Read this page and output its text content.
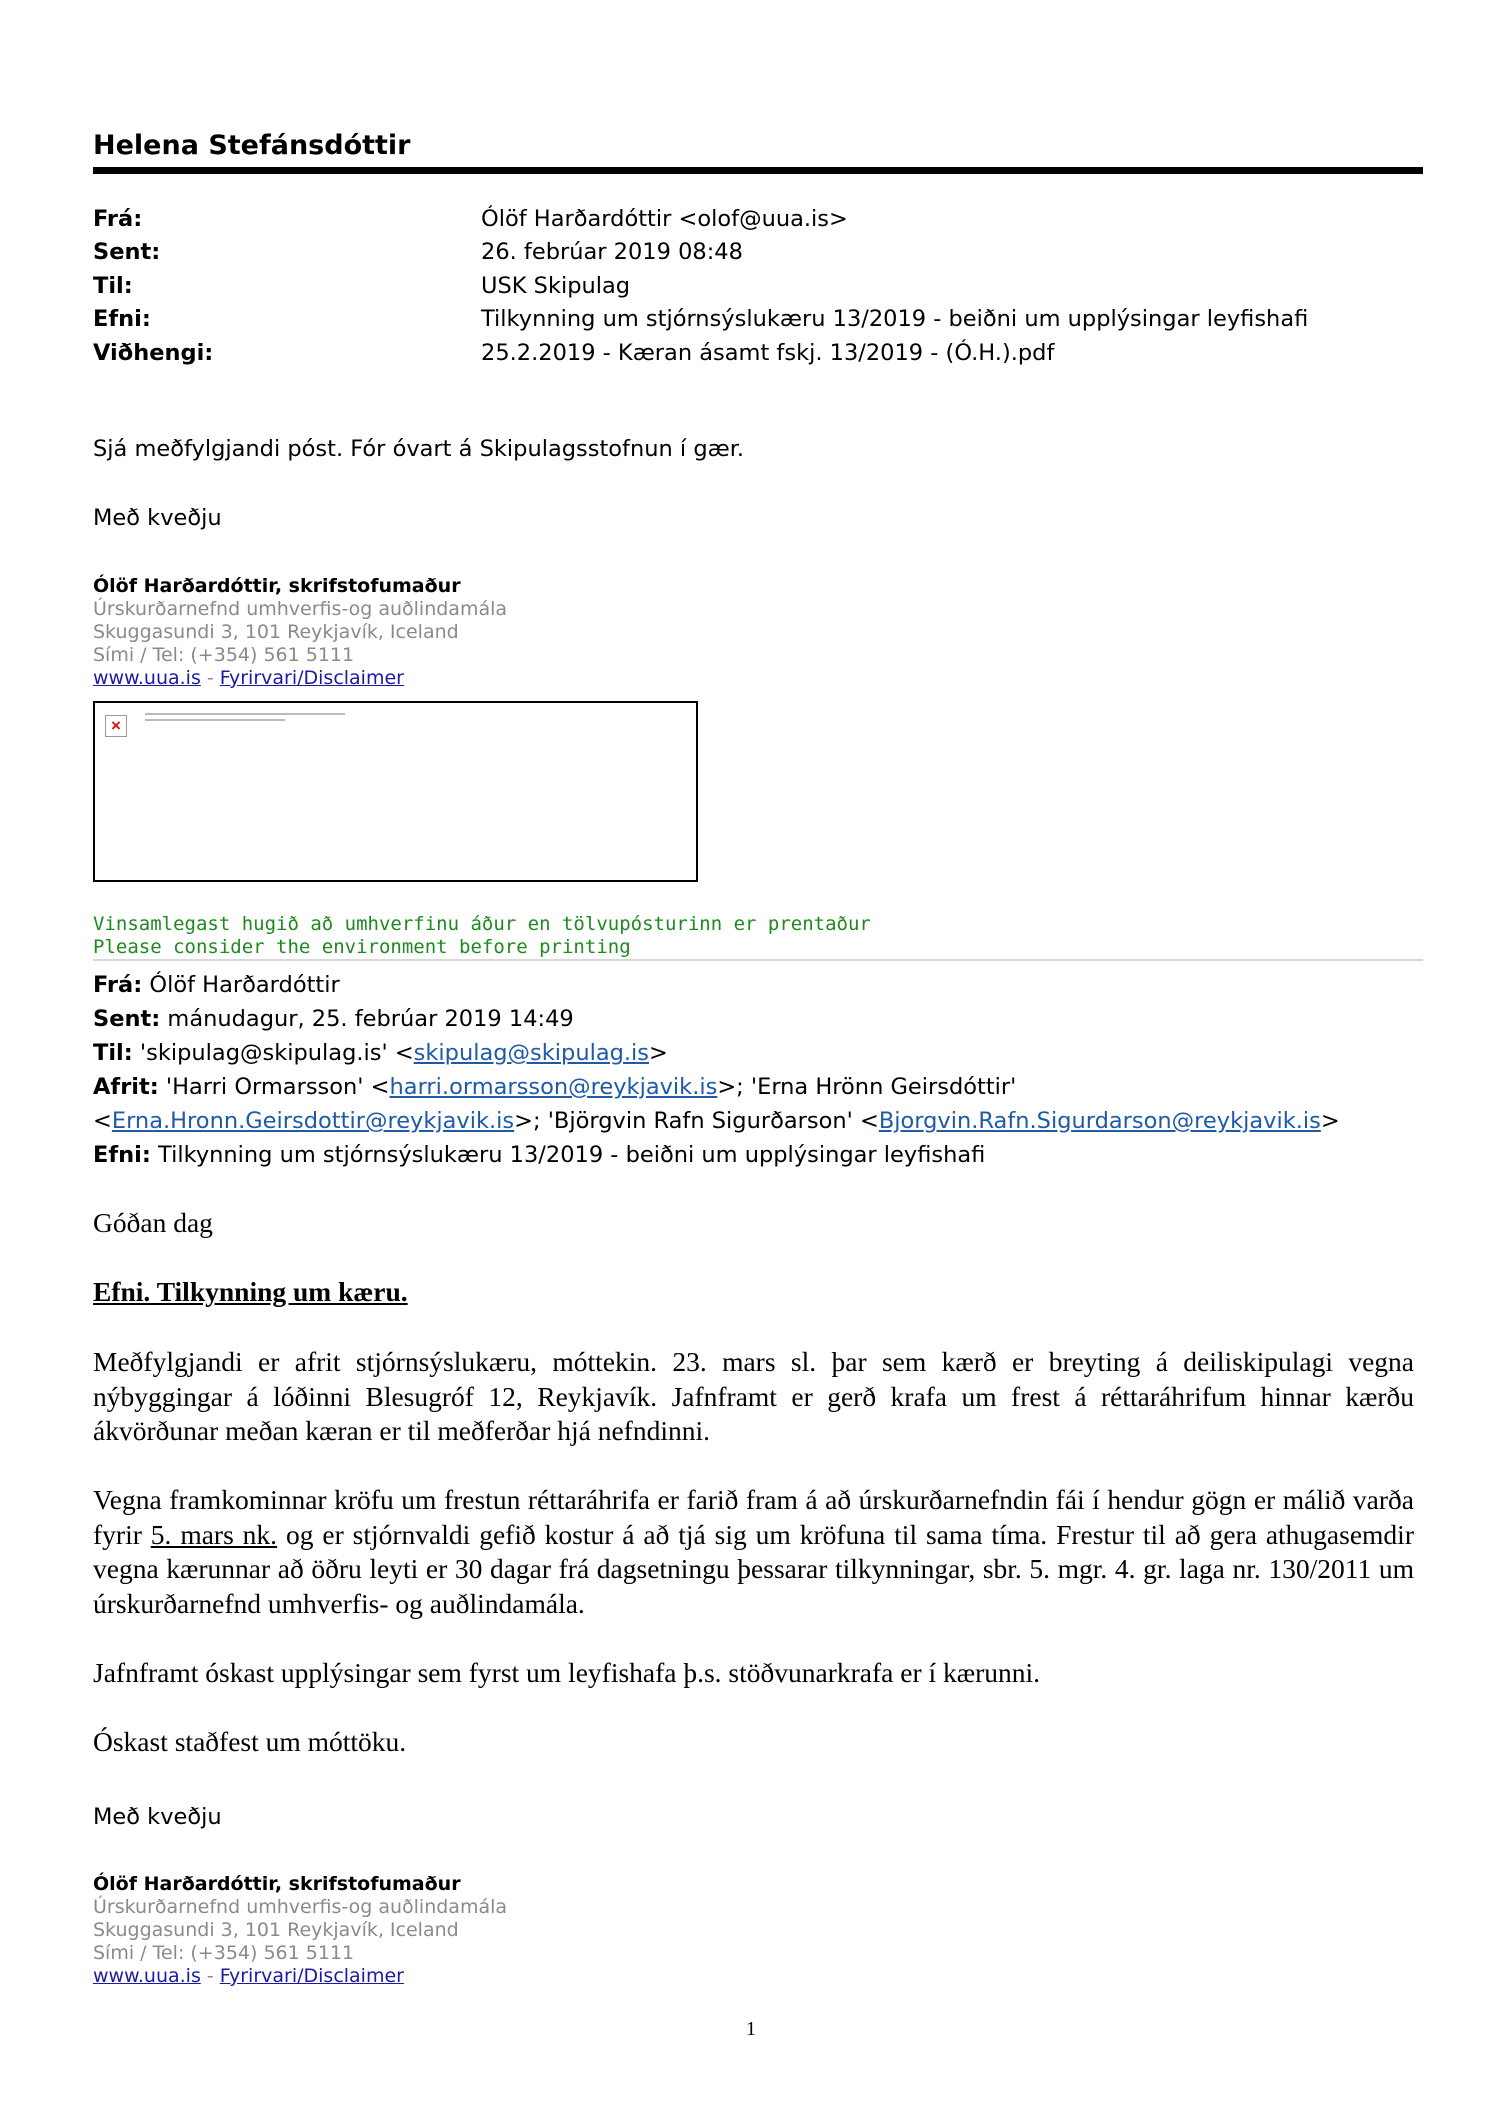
Helena Stefánsdóttir
Frá:	Ólöf Harðardóttir <olof@uua.is>
Sent:	26. febrúar 2019 08:48
Til:	USK Skipulag
Efni:	Tilkynning um stjórnsýslukæru 13/2019 - beiðni um upplýsingar leyfishafi
Viðhengi:	25.2.2019 - Kæran ásamt fskj. 13/2019 - (Ó.H.).pdf
Sjá meðfylgjandi póst. Fór óvart á Skipulagsstofnun í gær.
Með kveðju
Ólöf Harðardóttir, skrifstofumaður
Úrskurðarnefnd umhverfis-og auðlindamála
Skuggasundi 3, 101 Reykjavík, Iceland
Sími / Tel: (+354) 561 5111
www.uua.is - Fyrirvari/Disclaimer
×
Vinsamlegast hugið að umhverfinu áður en tölvupósturinn er prentaður
Please consider the environment before printing
Frá: Ólöf Harðardóttir
Sent: mánudagur, 25. febrúar 2019 14:49
Til: 'skipulag@skipulag.is' <skipulag@skipulag.is>
Afrit: 'Harri Ormarsson' <harri.ormarsson@reykjavik.is>; 'Erna Hrönn Geirsdóttir'
<Erna.Hronn.Geirsdottir@reykjavik.is>; 'Björgvin Rafn Sigurðarson' <Bjorgvin.Rafn.Sigurdarson@reykjavik.is>
Efni: Tilkynning um stjórnsýslukæru 13/2019 - beiðni um upplýsingar leyfishafi
Góðan dag
Efni. Tilkynning um kæru.
Meðfylgjandi er afrit stjórnsýslukæru, móttekin. 23. mars sl. þar sem kærð er breyting á deiliskipulagi vegna nýbyggingar á lóðinni Blesugróf 12, Reykjavík. Jafnframt er gerð krafa um frest á réttaráhrifum hinnar kærðu ákvörðunar meðan kæran er til meðferðar hjá nefndinni.
Vegna framkominnar kröfu um frestun réttaráhrifa er farið fram á að úrskurðarnefndin fái í hendur gögn er málið varða fyrir 5. mars nk. og er stjórnvaldi gefið kostur á að tjá sig um kröfuna til sama tíma. Frestur til að gera athugasemdir vegna kærunnar að öðru leyti er 30 dagar frá dagsetningu þessarar tilkynningar, sbr. 5. mgr. 4. gr. laga nr. 130/2011 um úrskurðarnefnd umhverfis- og auðlindamála.
Jafnframt óskast upplýsingar sem fyrst um leyfishafa þ.s. stöðvunarkrafa er í kærunni.
Óskast staðfest um móttöku.
Með kveðju
Ólöf Harðardóttir, skrifstofumaður
Úrskurðarnefnd umhverfis-og auðlindamála
Skuggasundi 3, 101 Reykjavík, Iceland
Sími / Tel: (+354) 561 5111
www.uua.is - Fyrirvari/Disclaimer
1
